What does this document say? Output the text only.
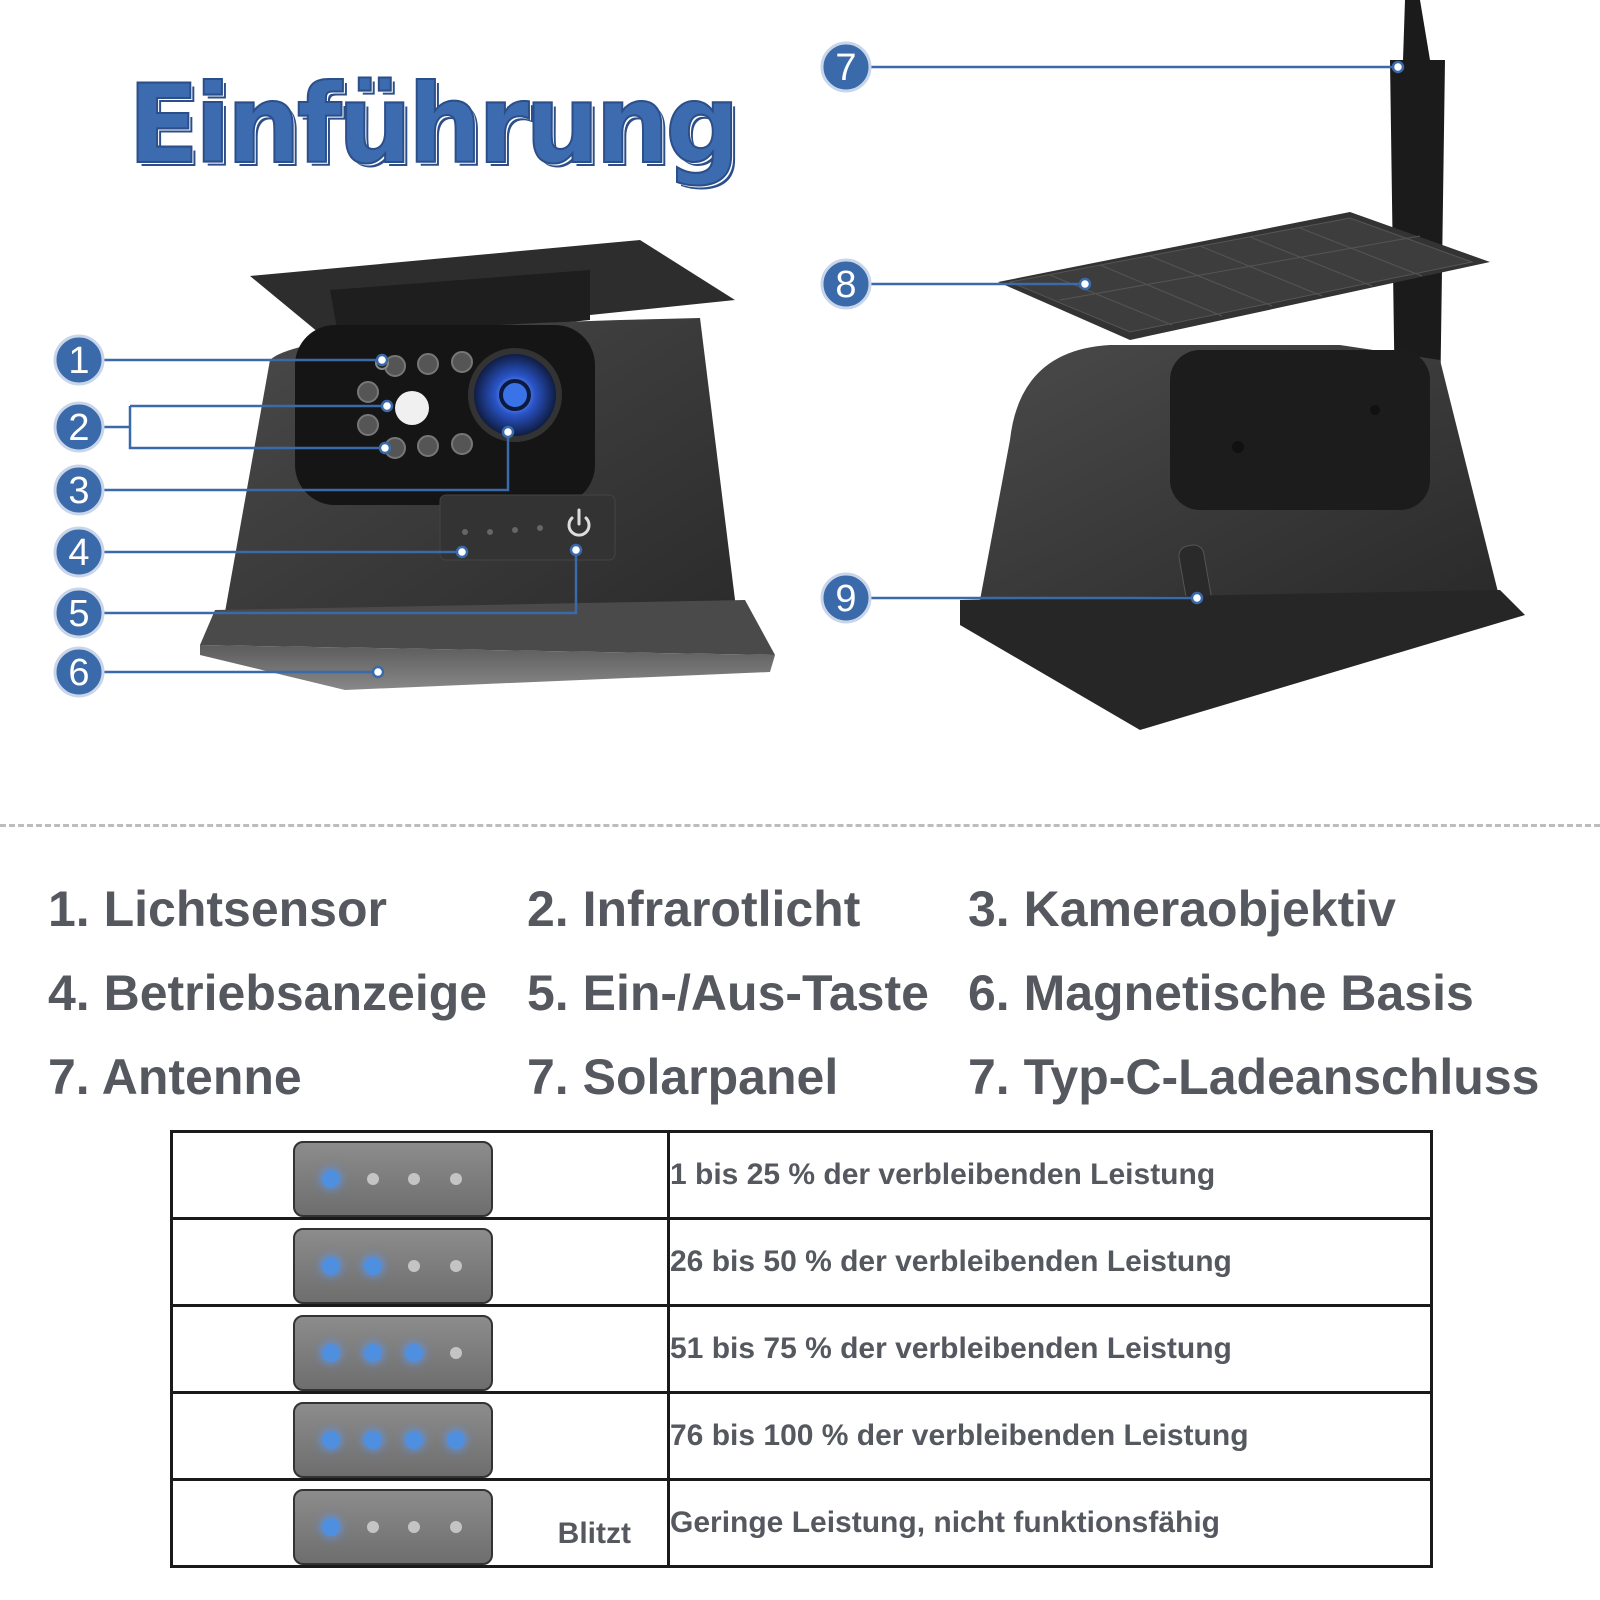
Einführung
1
2
3
4
5
6
7
8
9
1. Lichtsensor	2. Infrarotlicht 3. Kameraobjektiv
4. Betriebsanzeige 5. Ein-/Aus-Taste 6. Magnetische Basis
7. Antenne	7. Solarpanel	7. Typ-C-Ladeanschluss
	1 bis 25 % der verbleibenden Leistung

	26 bis 50 % der verbleibenden Leistung

	51 bis 75 % der verbleibenden Leistung

	76 bis 100 % der verbleibenden Leistung

Blitzt	Geringe Leistung, nicht funktionsfähig
